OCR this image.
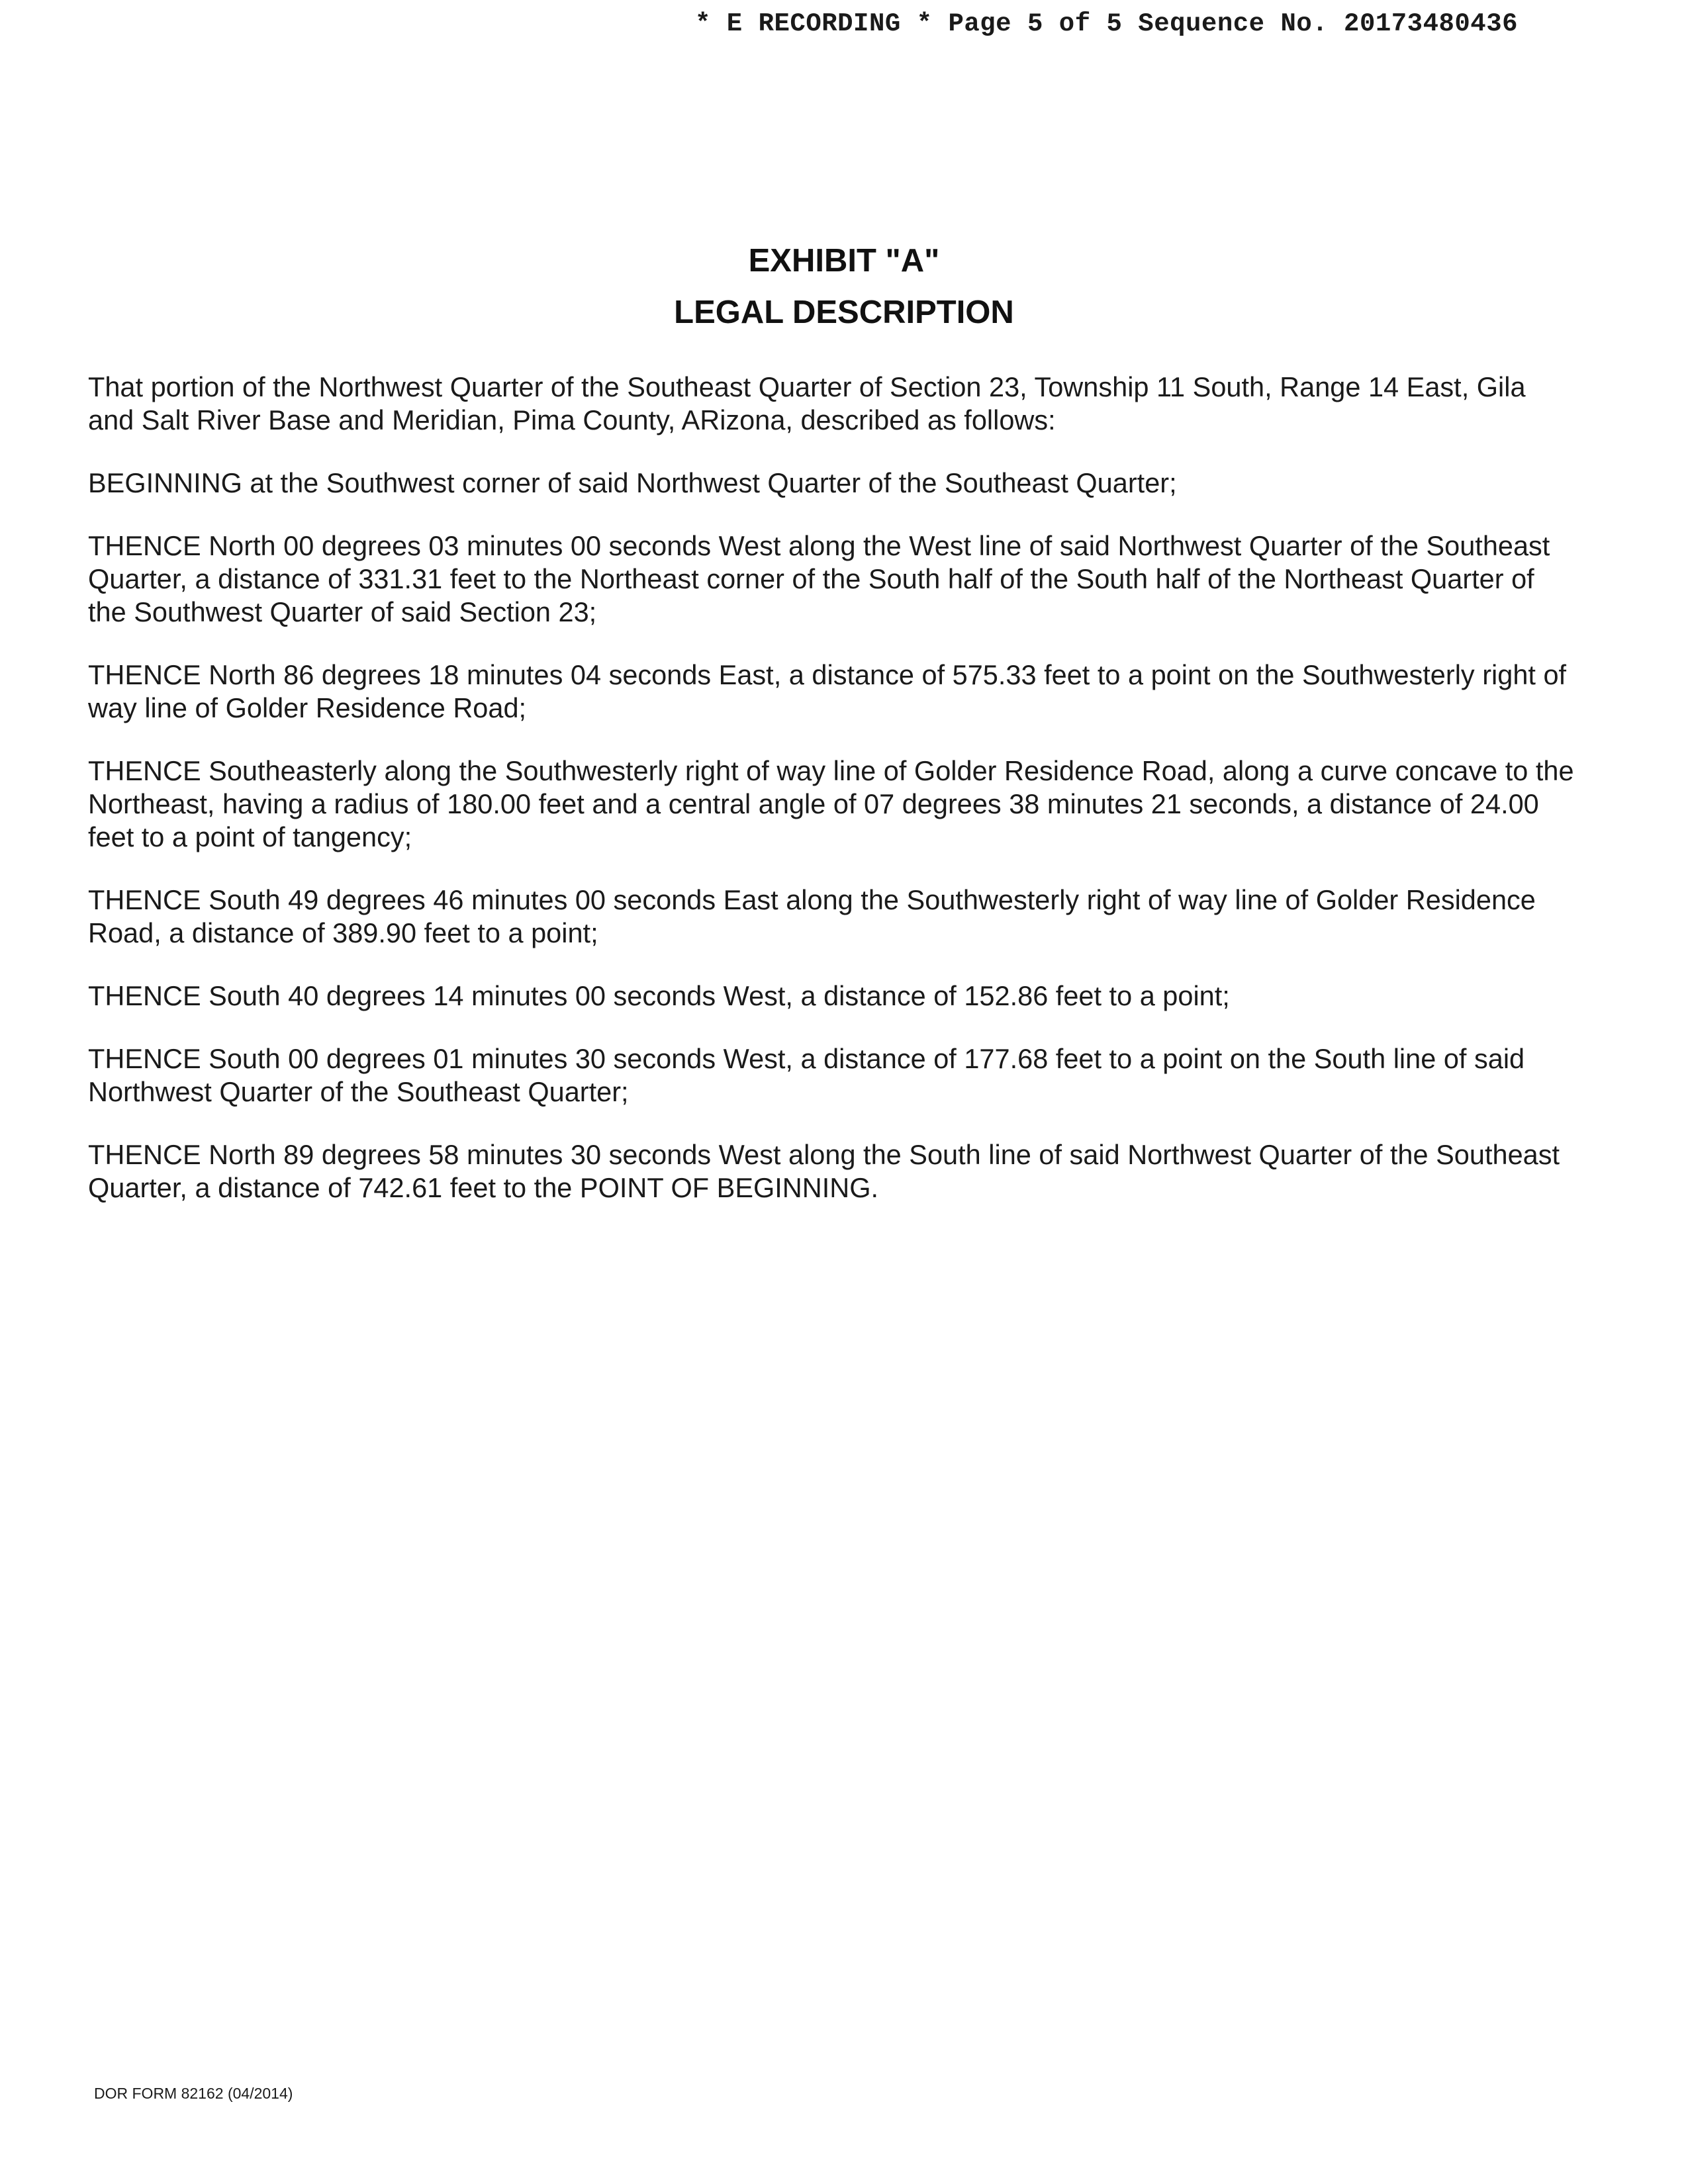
* E RECORDING * Page 5 of 5 Sequence No. 20173480436
EXHIBIT "A"
LEGAL DESCRIPTION

That portion of the Northwest Quarter of the Southeast Quarter of Section 23, Township 11 South, Range 14 East, Gila and Salt River Base and Meridian, Pima County, ARizona, described as follows:

BEGINNING at the Southwest corner of said Northwest Quarter of the Southeast Quarter;

THENCE North 00 degrees 03 minutes 00 seconds West along the West line of said Northwest Quarter of the Southeast Quarter, a distance of 331.31 feet to the Northeast corner of the South half of the South half of the Northeast Quarter of the Southwest Quarter of said Section 23;

THENCE North 86 degrees 18 minutes 04 seconds East, a distance of 575.33 feet to a point on the Southwesterly right of way line of Golder Residence Road;

THENCE Southeasterly along the Southwesterly right of way line of Golder Residence Road, along a curve concave to the Northeast, having a radius of 180.00 feet and a central angle of 07 degrees 38 minutes 21 seconds, a distance of 24.00 feet to a point of tangency;

THENCE South 49 degrees 46 minutes 00 seconds East along the Southwesterly right of way line of Golder Residence Road, a distance of 389.90 feet to a point;

THENCE South 40 degrees 14 minutes 00 seconds West, a distance of 152.86 feet to a point;

THENCE South 00 degrees 01 minutes 30 seconds West, a distance of 177.68 feet to a point on the South line of said Northwest Quarter of the Southeast Quarter;

THENCE North 89 degrees 58 minutes 30 seconds West along the South line of said Northwest Quarter of the Southeast Quarter, a distance of 742.61 feet to the POINT OF BEGINNING.

DOR FORM 82162 (04/2014)
